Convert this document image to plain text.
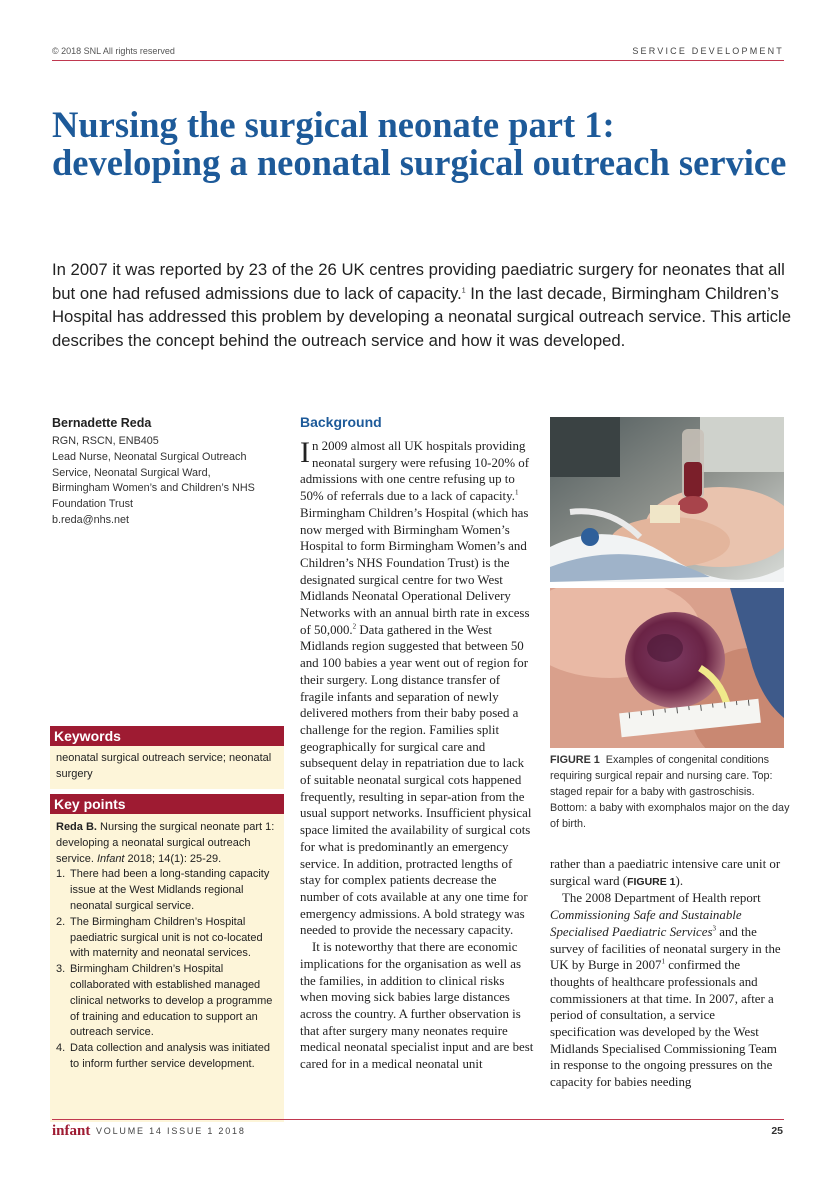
© 2018 SNL All rights reserved	SERVICE DEVELOPMENT
Nursing the surgical neonate part 1: developing a neonatal surgical outreach service

In 2007 it was reported by 23 of the 26 UK centres providing paediatric surgery for neonates that all but one had refused admissions due to lack of capacity.$^1$ In the last decade, Birmingham Children’s Hospital has addressed this problem by developing a neonatal surgical outreach service. This article describes the concept behind the outreach service and how it was developed.

Bernadette Reda
RGN, RSCN, ENB405
Lead Nurse, Neonatal Surgical Outreach
Service, Neonatal Surgical Ward,
Birmingham Women’s and Children’s NHS
Foundation Trust
b.reda@nhs.net
Keywords
neonatal surgical outreach service; neonatal surgery
Key points
Reda B. Nursing the surgical neonate part 1: developing a neonatal surgical outreach service. Infant 2018; 14(1): 25-29.
1. There had been a long-standing capacity issue at the West Midlands regional neonatal surgical service.
2. The Birmingham Children’s Hospital paediatric surgical unit is not co-located with maternity and neonatal services.
3. Birmingham Children’s Hospital collaborated with established managed clinical networks to develop a programme of training and education to support an outreach service.
4. Data collection and analysis was initiated to inform further service development.
Background

In 2009 almost all UK hospitals providing neonatal surgery were refusing 10-20% of admissions with one centre refusing up to 50% of referrals due to a lack of capacity.$^1$ Birmingham Children’s Hospital (which has now merged with Birmingham Women’s Hospital to form Birmingham Women’s and Children’s NHS Foundation Trust) is the designated surgical centre for two West Midlands Neonatal Operational Delivery Networks with an annual birth rate in excess of 50,000.$^2$ Data gathered in the West Midlands region suggested that between 50 and 100 babies a year went out of region for their surgery. Long distance transfer of fragile infants and separation of newly delivered mothers from their baby posed a challenge for the region. Families split geographically for surgical care and subsequent delay in repatriation due to lack of suitable neonatal surgical cots happened frequently, resulting in separ-ation from the usual support networks. Insufficient physical space limited the availability of surgical cots for what is predominantly an emergency service. In addition, protracted lengths of stay for complex patients decrease the number of cots available at any one time for emergency admissions. A bold strategy was needed to provide the necessary capacity.

It is noteworthy that there are economic implications for the organisation as well as the families, in addition to clinical risks when moving sick babies large distances across the country. A further observation is that after surgery many neonates require medical neonatal specialist input and are best cared for in a medical neonatal unit

FIGURE 1 Examples of congenital conditions requiring surgical repair and nursing care. Top: staged repair for a baby with gastroschisis. Bottom: a baby with exomphalos major on the day of birth.

rather than a paediatric intensive care unit or surgical ward (FIGURE 1).

The 2008 Department of Health report Commissioning Safe and Sustainable Specialised Paediatric Services$^3$ and the survey of facilities of neonatal surgery in the UK by Burge in 2007$^1$ confirmed the thoughts of healthcare professionals and commissioners at that time. In 2007, after a period of consultation, a service specification was developed by the West Midlands Specialised Commissioning Team in response to the ongoing pressures on the capacity for babies needing

infant VOLUME 14 ISSUE 1 2018	25
